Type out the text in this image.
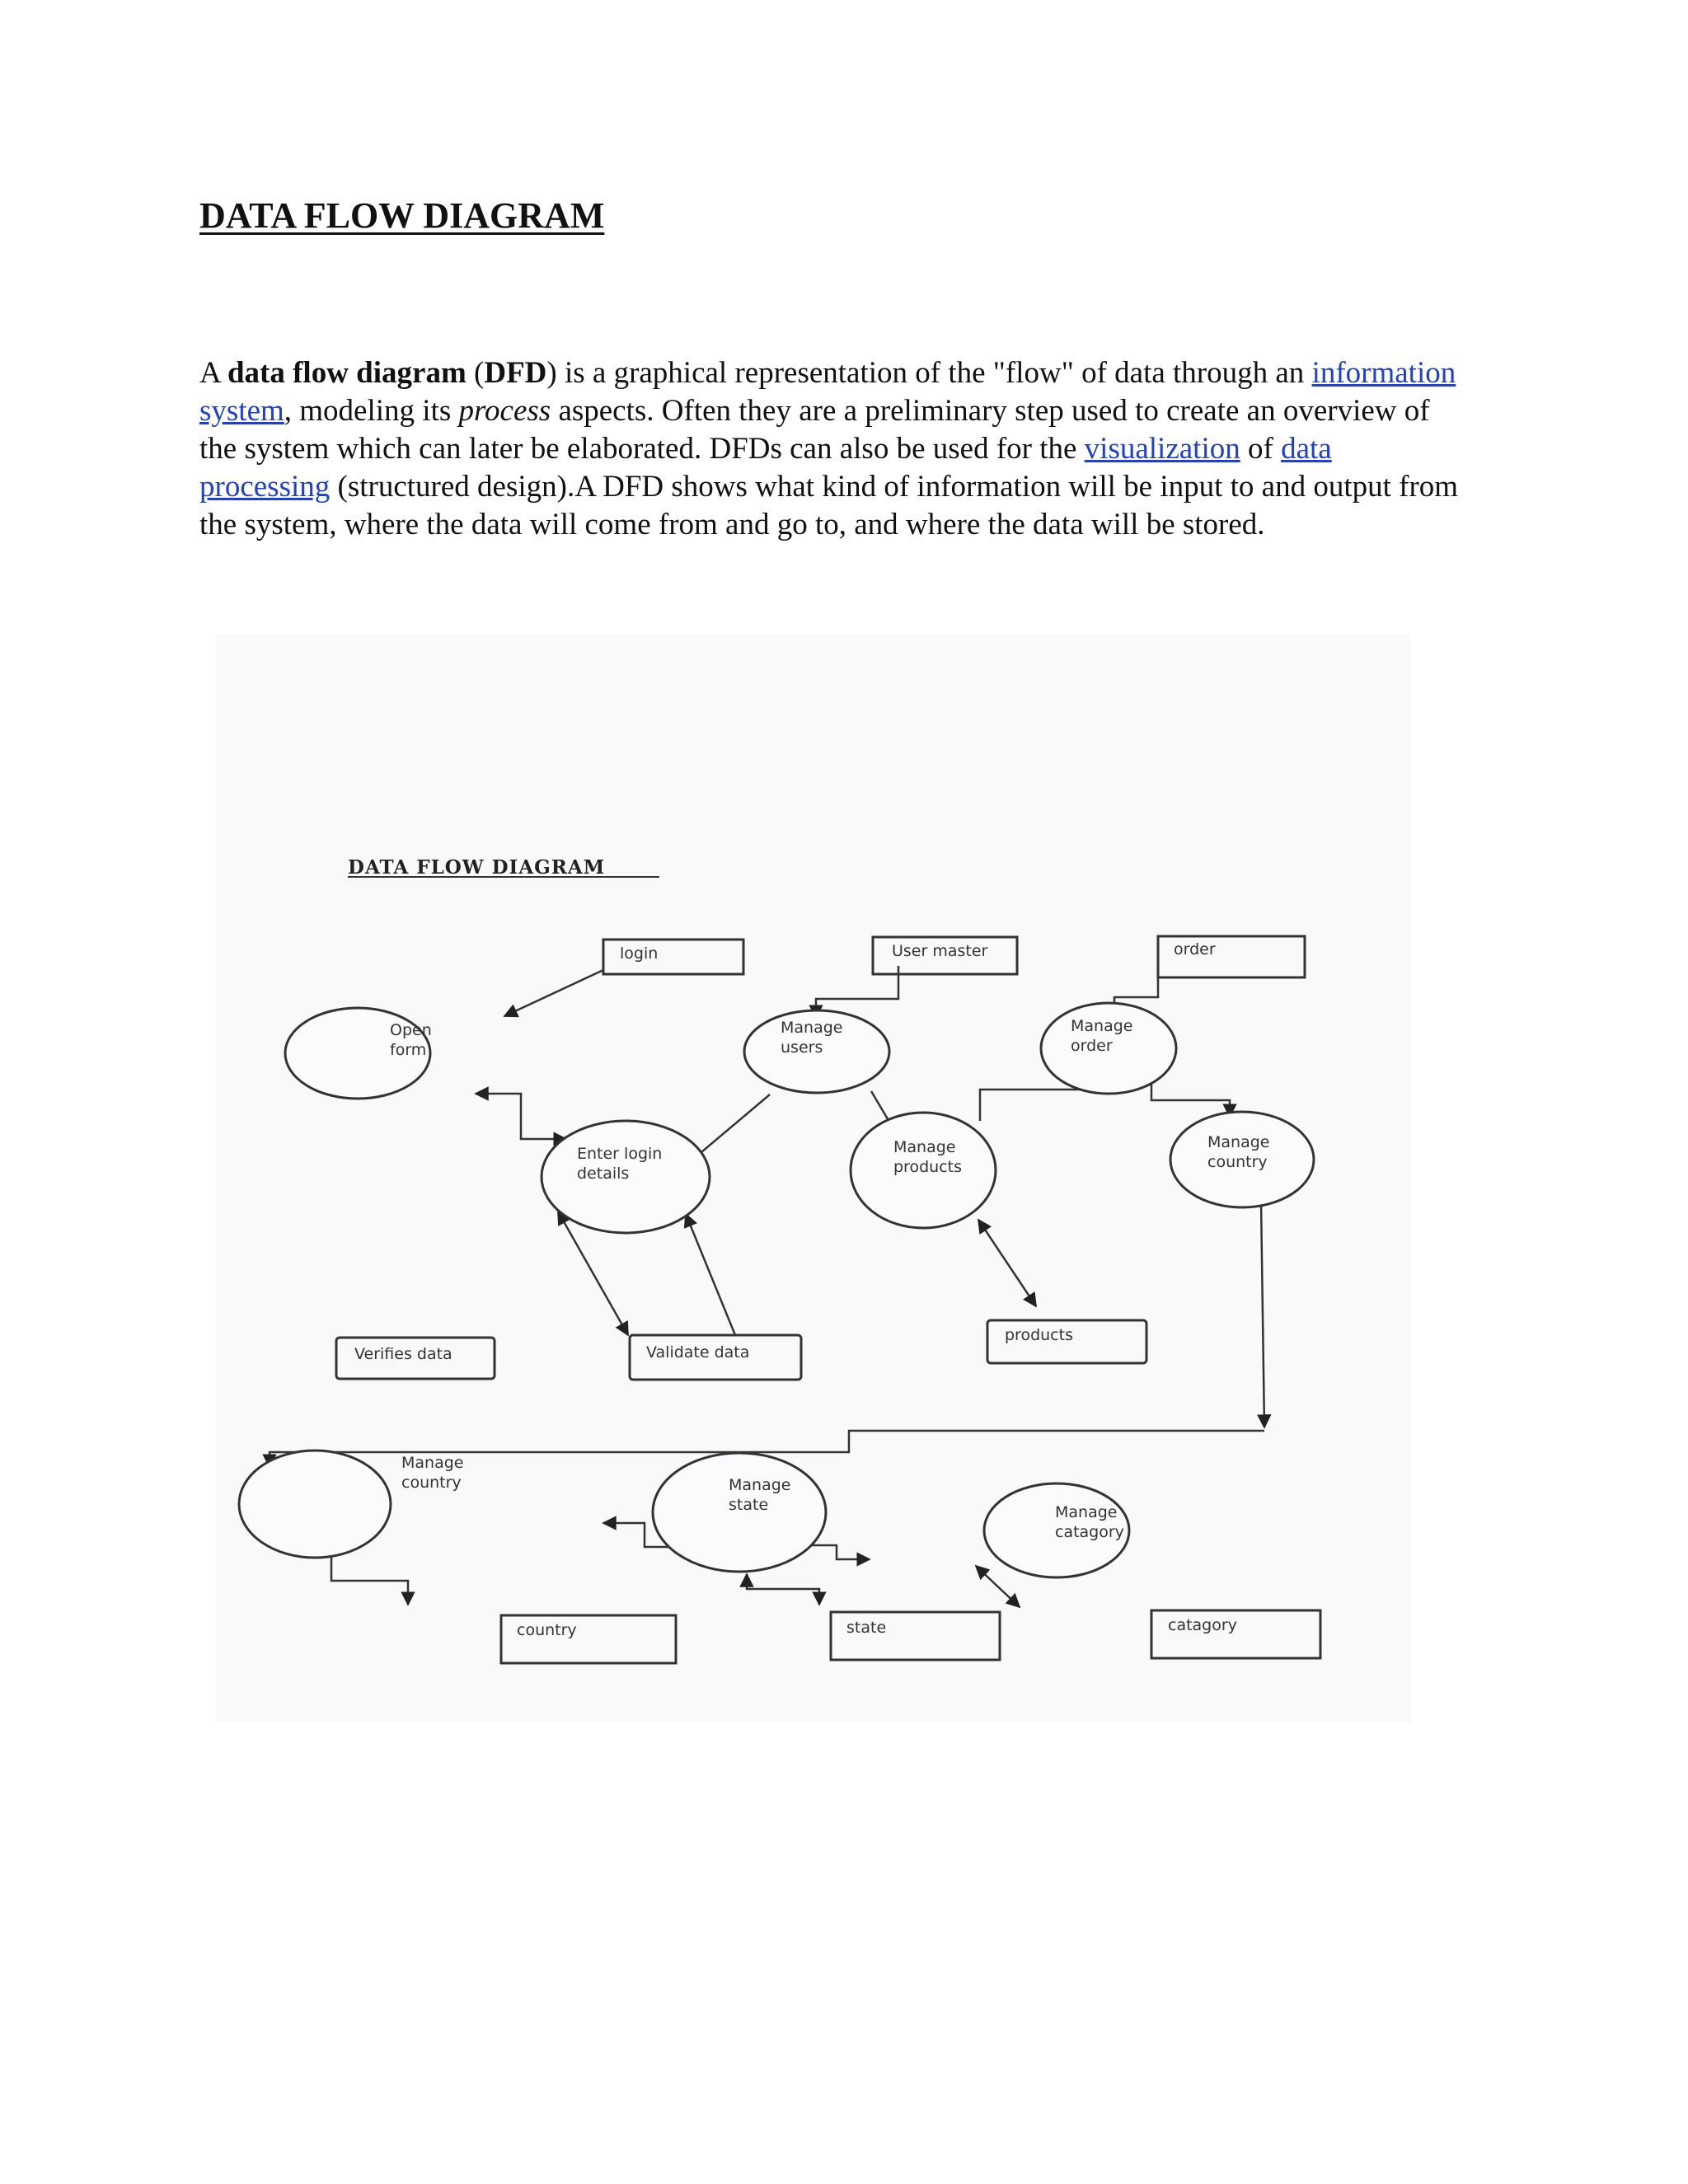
DATA FLOW DIAGRAM

A data flow diagram (DFD) is a graphical representation of the "flow" of data through an information system, modeling its process aspects. Often they are a preliminary step used to create an overview of the system which can later be elaborated. DFDs can also be used for the visualization of data processing (structured design).A DFD shows what kind of information will be input to and output from the system, where the data will come from and go to, and where the data will be stored.

DATA FLOW DIAGRAM
login	User master	order
Verifies data	Validate data
products
country	state	catagory
Open
form
Manage
users
Manage
order
Enter login
details
Manage
products
Manage
country
Manage
country	Manage
state	Manage
catagory
